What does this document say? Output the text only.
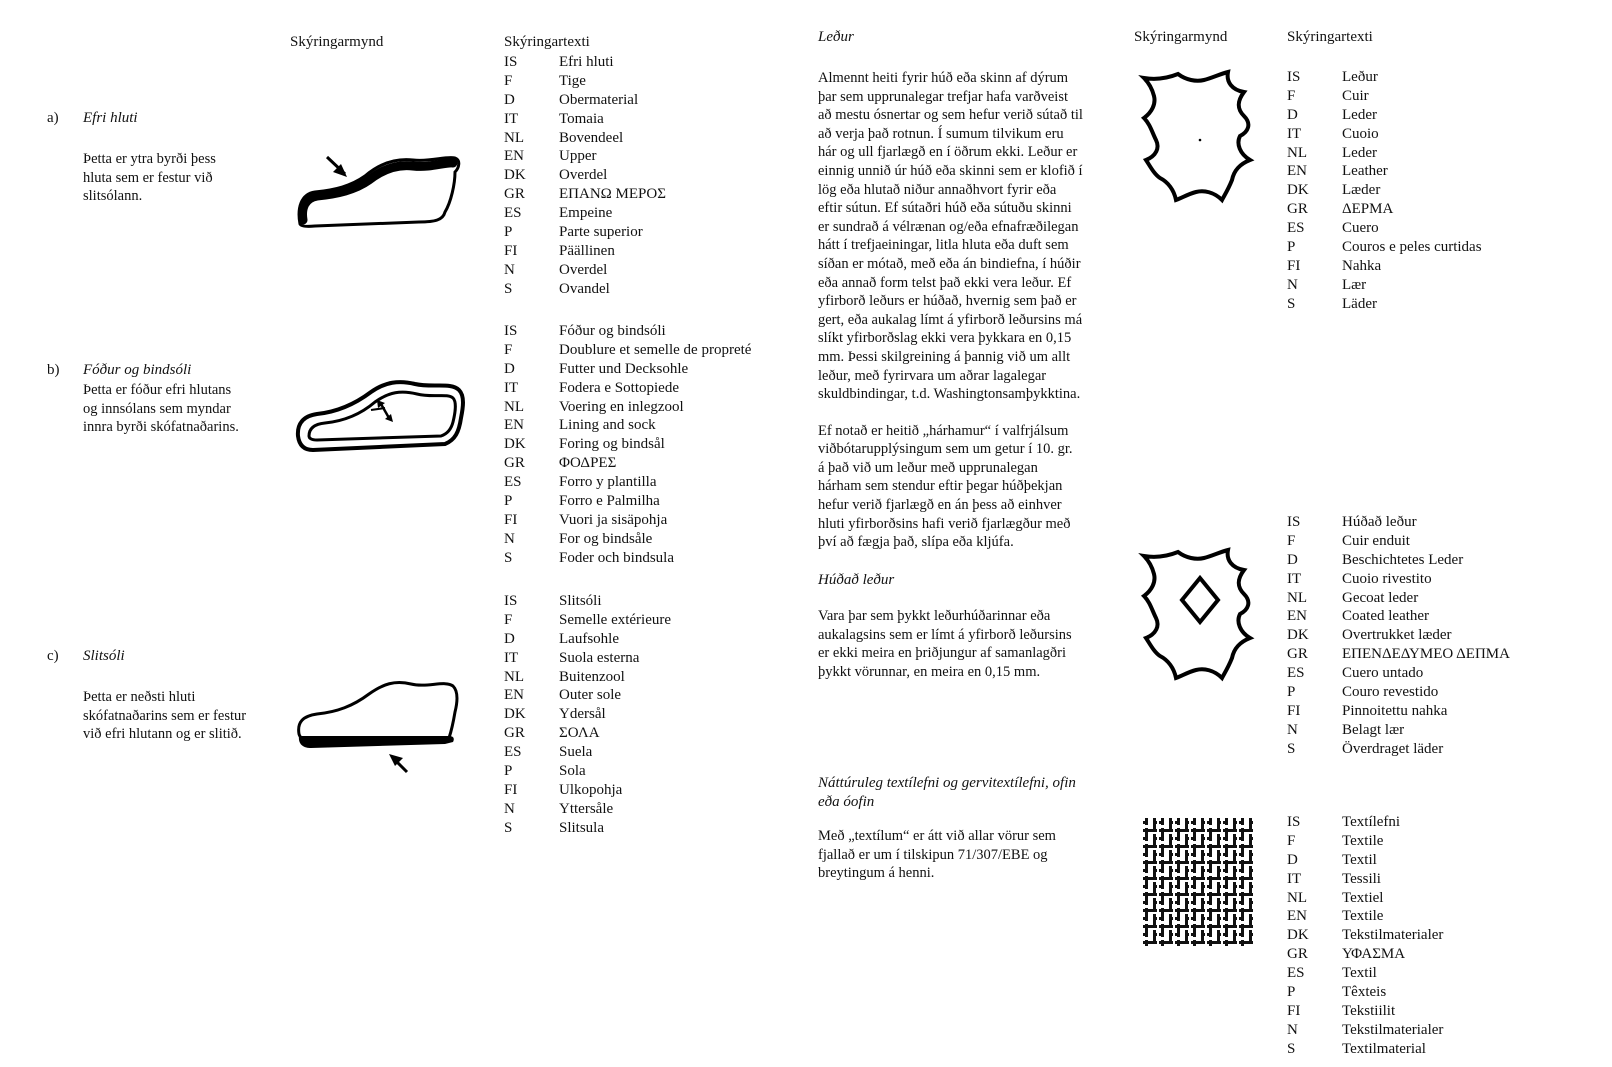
Skýringarmynd	Skýringartexti
a) Efri hluti

Þetta er ytra byrði þess

hluta sem er festur við

slitsólann.

IS	Efri hluti
F	Tige
D	Obermaterial
IT	Tomaia
NL	Bovendeel
EN	Upper
DK	Overdel
GR	ΕΠΑΝΩ ΜΕΡΟΣ
ES	Empeine
P	Parte superior
FI	Päällinen
N	Overdel
S	Ovandel
b) Fóður og bindsóli

Þetta er fóður efri hlutans

og innsólans sem myndar

innra byrði skófatnaðarins.

IS	Fóður og bindsóli
F	Doublure et semelle de propreté
D	Futter und Decksohle
IT	Fodera e Sottopiede
NL	Voering en inlegzool
EN	Lining and sock
DK	Foring og bindsål
GR	ΦΟΔΡΕΣ
ES	Forro y plantilla
P	Forro e Palmilha
FI	Vuori ja sisäpohja
N	For og bindsåle
S	Foder och bindsula
c) Slitsóli

Þetta er neðsti hluti

skófatnaðarins sem er festur

við efri hlutann og er slitið.

IS	Slitsóli
F	Semelle extérieure
D	Laufsohle
IT	Suola esterna
NL	Buitenzool
EN	Outer sole
DK	Ydersål
GR	ΣΟΛΑ
ES	Suela
P	Sola
FI	Ulkopohja
N	Yttersåle
S	Slitsula
Skýringarmynd	Skýringartexti
Leður

Almennt heiti fyrir húð eða skinn af dýrum

þar sem upprunalegar trefjar hafa varðveist

að mestu ósnertar og sem hefur verið sútað til

að verja það rotnun. Í sumum tilvikum eru

hár og ull fjarlægð en í öðrum ekki. Leður er

einnig unnið úr húð eða skinni sem er klofið í

lög eða hlutað niður annaðhvort fyrir eða

eftir sútun. Ef sútaðri húð eða sútuðu skinni

er sundrað á vélrænan og/eða efnafræðilegan

hátt í trefjaeiningar, litla hluta eða duft sem

síðan er mótað, með eða án bindiefna, í húðir

eða annað form telst það ekki vera leður. Ef

yfirborð leðurs er húðað, hvernig sem það er

gert, eða aukalag límt á yfirborð leðursins má

slíkt yfirborðslag ekki vera þykkara en 0,15

mm. Þessi skilgreining á þannig við um allt

leður, með fyrirvara um aðrar lagalegar

skuldbindingar, t.d. Washingtonsamþykktina.

Ef notað er heitið „hárhamur“ í valfrjálsum

viðbótarupplýsingum sem um getur í 10. gr.

á það við um leður með upprunalegan

hárham sem stendur eftir þegar húðþekjan

hefur verið fjarlægð en án þess að einhver

hluti yfirborðsins hafi verið fjarlægður með

því að fægja það, slípa eða kljúfa.

IS	Leður
F	Cuir
D	Leder
IT	Cuoio
NL	Leder
EN	Leather
DK	Læder
GR	ΔΕΡΜΑ
ES	Cuero
P	Couros e peles curtidas
FI	Nahka
N	Lær
S	Läder
Húðað leður

Vara þar sem þykkt leðurhúðarinnar eða

aukalagsins sem er límt á yfirborð leðursins

er ekki meira en þriðjungur af samanlagðri

þykkt vörunnar, en meira en 0,15 mm.

IS	Húðað leður
F	Cuir enduit
D	Beschichtetes Leder
IT	Cuoio rivestito
NL	Gecoat leder
EN	Coated leather
DK	Overtrukket læder
GR	ΕΠΕΝΔΕΔΥΜΕΟ ΔΕΠΜΑ
ES	Cuero untado
P	Couro revestido
FI	Pinnoitettu nahka
N	Belagt lær
S	Överdraget läder
Náttúruleg textílefni og gervitextílefni, ofin
eða óofin

Með „textílum“ er átt við allar vörur sem

fjallað er um í tilskipun 71/307/EBE og

breytingum á henni.

IS	Textílefni
F	Textile
D	Textil
IT	Tessili
NL	Textiel
EN	Textile
DK	Tekstilmaterialer
GR	ΥΦΑΣΜΑ
ES	Textil
P	Têxteis
FI	Tekstiilit
N	Tekstilmaterialer
S	Textilmaterial
